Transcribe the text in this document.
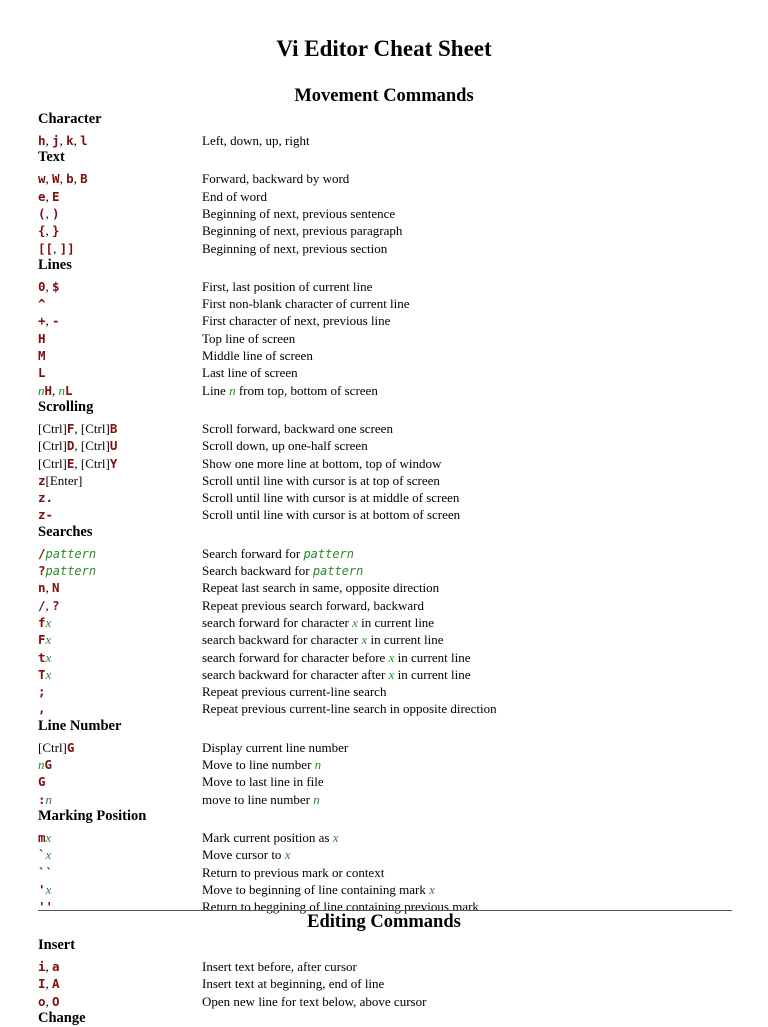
Vi Editor Cheat Sheet
Movement Commands
Character
h, j, k, l	Left, down, up, right
Text
w, W, b, B	Forward, backward by word
e, E	End of word
(, )	Beginning of next, previous sentence
{, }	Beginning of next, previous paragraph
[[, ]]	Beginning of next, previous section
Lines
0, $	First, last position of current line
^	First non-blank character of current line
+, -	First character of next, previous line
H	Top line of screen
M	Middle line of screen
L	Last line of screen
nH, nL	Line n from top, bottom of screen
Scrolling
[Ctrl]F, [Ctrl]B	Scroll forward, backward one screen
[Ctrl]D, [Ctrl]U	Scroll down, up one-half screen
[Ctrl]E, [Ctrl]Y	Show one more line at bottom, top of window
z[Enter]	Scroll until line with cursor is at top of screen
z.	Scroll until line with cursor is at middle of screen
z-	Scroll until line with cursor is at bottom of screen
Searches
/pattern	Search forward for pattern
?pattern	Search backward for pattern
n, N	Repeat last search in same, opposite direction
/, ?	Repeat previous search forward, backward
fx	search forward for character x in current line
Fx	search backward for character x in current line
tx	search forward for character before x in current line
Tx	search backward for character after x in current line
;	Repeat previous current-line search
,	Repeat previous current-line search in opposite direction
Line Number
[Ctrl]G	Display current line number
nG	Move to line number n
G	Move to last line in file
:n	move to line number n
Marking Position
mx	Mark current position as x
`x	Move cursor to x
``	Return to previous mark or context
'x	Move to beginning of line containing mark x
''	Return to beggining of line containing previous mark
Editing Commands
Insert
i, a	Insert text before, after cursor
I, A	Insert text at beginning, end of line
o, O	Open new line for text below, above cursor
Change
